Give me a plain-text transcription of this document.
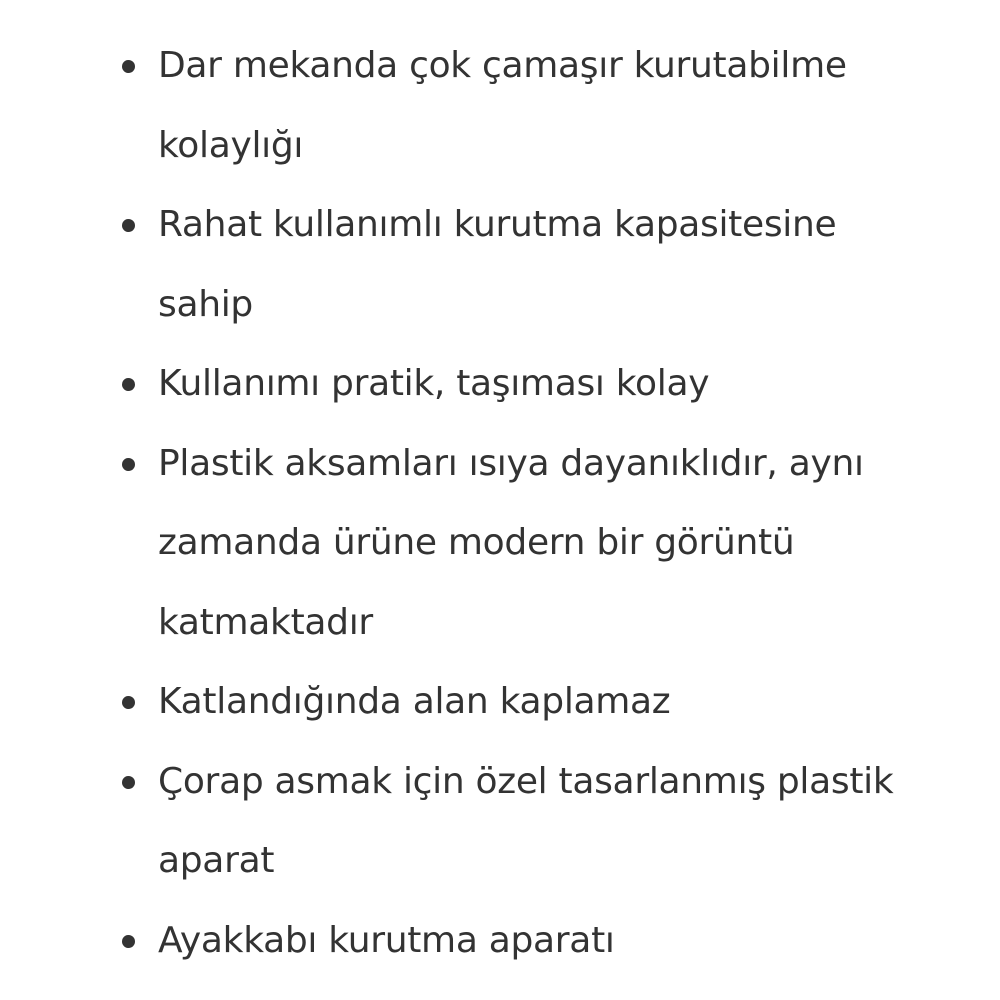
Dar mekanda çok çamaşır kurutabilme kolaylığı
Rahat kullanımlı kurutma kapasitesine sahip
Kullanımı pratik, taşıması kolay
Plastik aksamları ısıya dayanıklıdır, aynı zamanda ürüne modern bir görüntü katmaktadır
Katlandığında alan kaplamaz
Çorap asmak için özel tasarlanmış plastik aparat
Ayakkabı kurutma aparatı
